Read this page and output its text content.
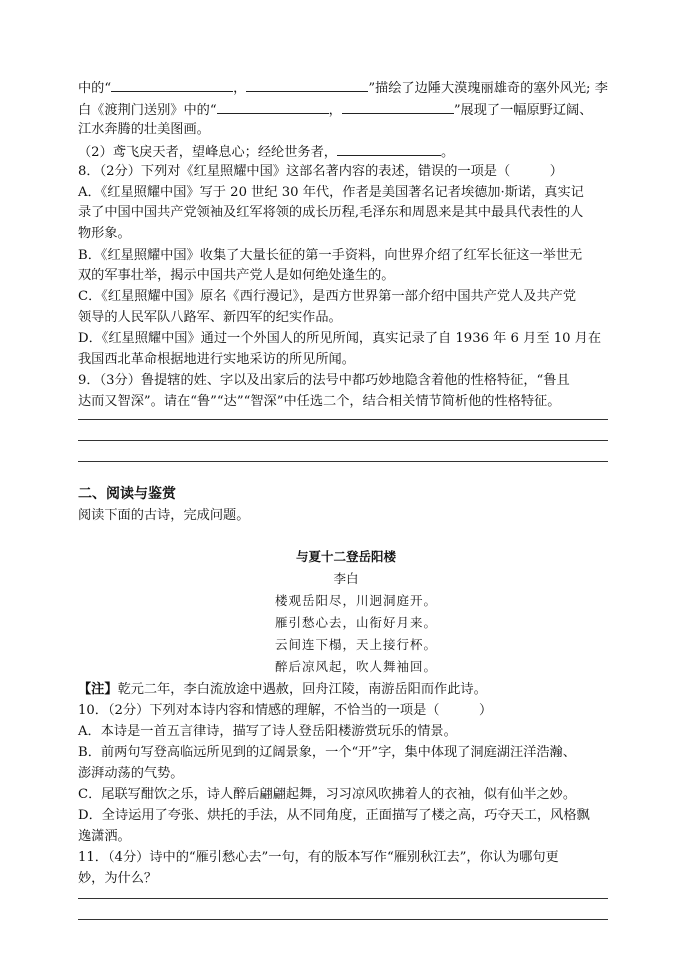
中的“	，	”描绘了边陲大漠瑰丽雄奇的塞外风光; 李
白《渡荆门送别》中的“	，	”展现了一幅原野辽阔、
江水奔腾的壮美图画。
（2）鸢飞戾天者，望峰息心；经纶世务者，	。
8．（2分）下列对《红星照耀中国》这部名著内容的表述，错误的一项是（　　　）
A．《红星照耀中国》写于 20 世纪 30 年代，作者是美国著名记者埃德加·斯诺，真实记
录了中国中国共产党领袖及红军将领的成长历程,毛泽东和周恩来是其中最具代表性的人
物形象。
B．《红星照耀中国》收集了大量长征的第一手资料，向世界介绍了红军长征这一举世无
双的军事壮举，揭示中国共产党人是如何绝处逢生的。
C．《红星照耀中国》原名《西行漫记》，是西方世界第一部介绍中国共产党人及共产党
领导的人民军队八路军、新四军的纪实作品。
D．《红星照耀中国》通过一个外国人的所见所闻，真实记录了自 1936 年 6 月至 10 月在
我国西北革命根据地进行实地采访的所见所闻。
9．（3分）鲁提辖的姓、字以及出家后的法号中都巧妙地隐含着他的性格特征，“鲁且
达而又智深”。请在“鲁”“达”“智深”中任选二个，结合相关情节简析他的性格特征。
二、阅读与鉴赏
阅读下面的古诗，完成问题。
与夏十二登岳阳楼
李白
楼观岳阳尽，川迥洞庭开。
雁引愁心去，山衔好月来。
云间连下榻，天上接行杯。
醉后凉风起，吹人舞袖回。
【注】乾元二年，李白流放途中遇赦，回舟江陵，南游岳阳而作此诗。
10．（2分）下列对本诗内容和情感的理解，不恰当的一项是（　　　）
A．本诗是一首五言律诗，描写了诗人登岳阳楼游赏玩乐的情景。
B．前两句写登高临远所见到的辽阔景象，一个“开”字，集中体现了洞庭湖汪洋浩瀚、
澎湃动荡的气势。
C．尾联写酣饮之乐，诗人醉后翩翩起舞，习习凉风吹拂着人的衣袖，似有仙半之妙。
D．全诗运用了夸张、烘托的手法，从不同角度，正面描写了楼之高，巧夺天工，风格飘
逸潇洒。
11．（4分）诗中的“雁引愁心去”一句，有的版本写作“雁别秋江去”，你认为哪句更
妙，为什么？
